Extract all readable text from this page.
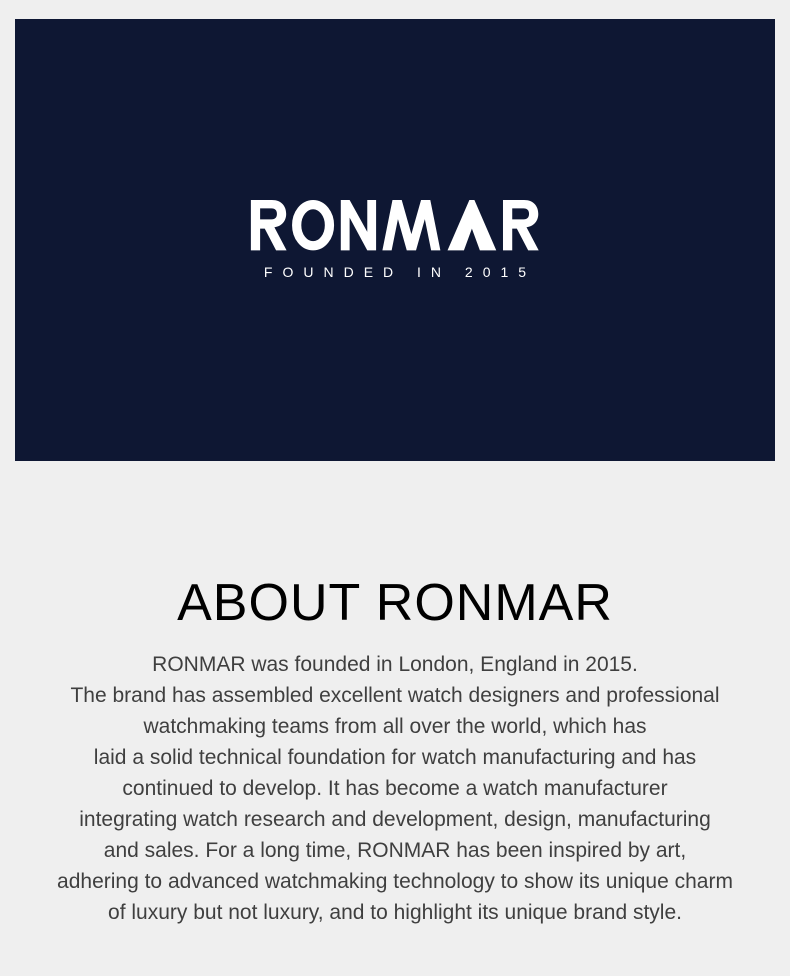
FOUNDED IN 2015
ABOUT RONMAR
RONMAR was founded in London, England in 2015.
The brand has assembled excellent watch designers and professional
watchmaking teams from all over the world, which has
laid a solid technical foundation for watch manufacturing and has
continued to develop. It has become a watch manufacturer
integrating watch research and development, design, manufacturing
and sales. For a long time, RONMAR has been inspired by art,
adhering to advanced watchmaking technology to show its unique charm
of luxury but not luxury, and to highlight its unique brand style.
